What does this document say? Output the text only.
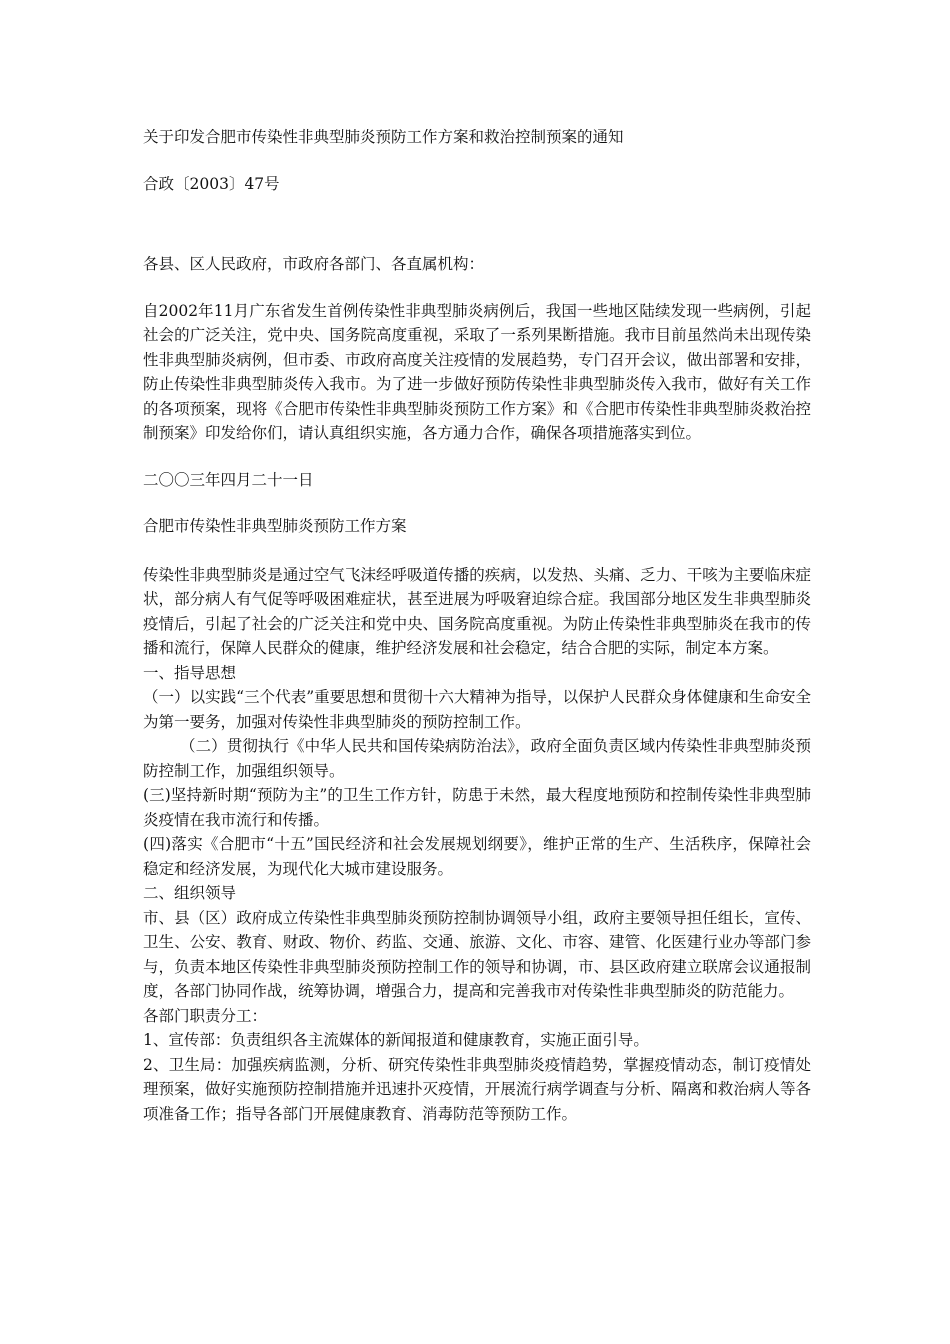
关于印发合肥市传染性非典型肺炎预防工作方案和救治控制预案的通知

合政〔2003〕47号

各县、区人民政府，市政府各部门、各直属机构：

自2002年11月广东省发生首例传染性非典型肺炎病例后，我国一些地区陆续发现一些病例，引起社会的广泛关注，党中央、国务院高度重视，采取了一系列果断措施。我市目前虽然尚未出现传染性非典型肺炎病例，但市委、市政府高度关注疫情的发展趋势，专门召开会议，做出部署和安排，防止传染性非典型肺炎传入我市。为了进一步做好预防传染性非典型肺炎传入我市，做好有关工作的各项预案，现将《合肥市传染性非典型肺炎预防工作方案》和《合肥市传染性非典型肺炎救治控制预案》印发给你们，请认真组织实施，各方通力合作，确保各项措施落实到位。

二〇〇三年四月二十一日

合肥市传染性非典型肺炎预防工作方案

传染性非典型肺炎是通过空气飞沫经呼吸道传播的疾病，以发热、头痛、乏力、干咳为主要临床症状，部分病人有气促等呼吸困难症状，甚至进展为呼吸窘迫综合症。我国部分地区发生非典型肺炎疫情后，引起了社会的广泛关注和党中央、国务院高度重视。为防止传染性非典型肺炎在我市的传播和流行，保障人民群众的健康，维护经济发展和社会稳定，结合合肥的实际，制定本方案。

一、指导思想

（一）以实践“三个代表”重要思想和贯彻十六大精神为指导，以保护人民群众身体健康和生命安全为第一要务，加强对传染性非典型肺炎的预防控制工作。

（二）贯彻执行《中华人民共和国传染病防治法》，政府全面负责区域内传染性非典型肺炎预防控制工作，加强组织领导。

(三)坚持新时期“预防为主”的卫生工作方针，防患于未然，最大程度地预防和控制传染性非典型肺炎疫情在我市流行和传播。

(四)落实《合肥市“十五”国民经济和社会发展规划纲要》，维护正常的生产、生活秩序，保障社会稳定和经济发展，为现代化大城市建设服务。

二、组织领导

市、县（区）政府成立传染性非典型肺炎预防控制协调领导小组，政府主要领导担任组长，宣传、卫生、公安、教育、财政、物价、药监、交通、旅游、文化、市容、建管、化医建行业办等部门参与，负责本地区传染性非典型肺炎预防控制工作的领导和协调，市、县区政府建立联席会议通报制度，各部门协同作战，统筹协调，增强合力，提高和完善我市对传染性非典型肺炎的防范能力。

各部门职责分工：

1、宣传部：负责组织各主流媒体的新闻报道和健康教育，实施正面引导。

2、卫生局：加强疾病监测，分析、研究传染性非典型肺炎疫情趋势，掌握疫情动态，制订疫情处理预案，做好实施预防控制措施并迅速扑灭疫情，开展流行病学调查与分析、隔离和救治病人等各项准备工作；指导各部门开展健康教育、消毒防范等预防工作。
